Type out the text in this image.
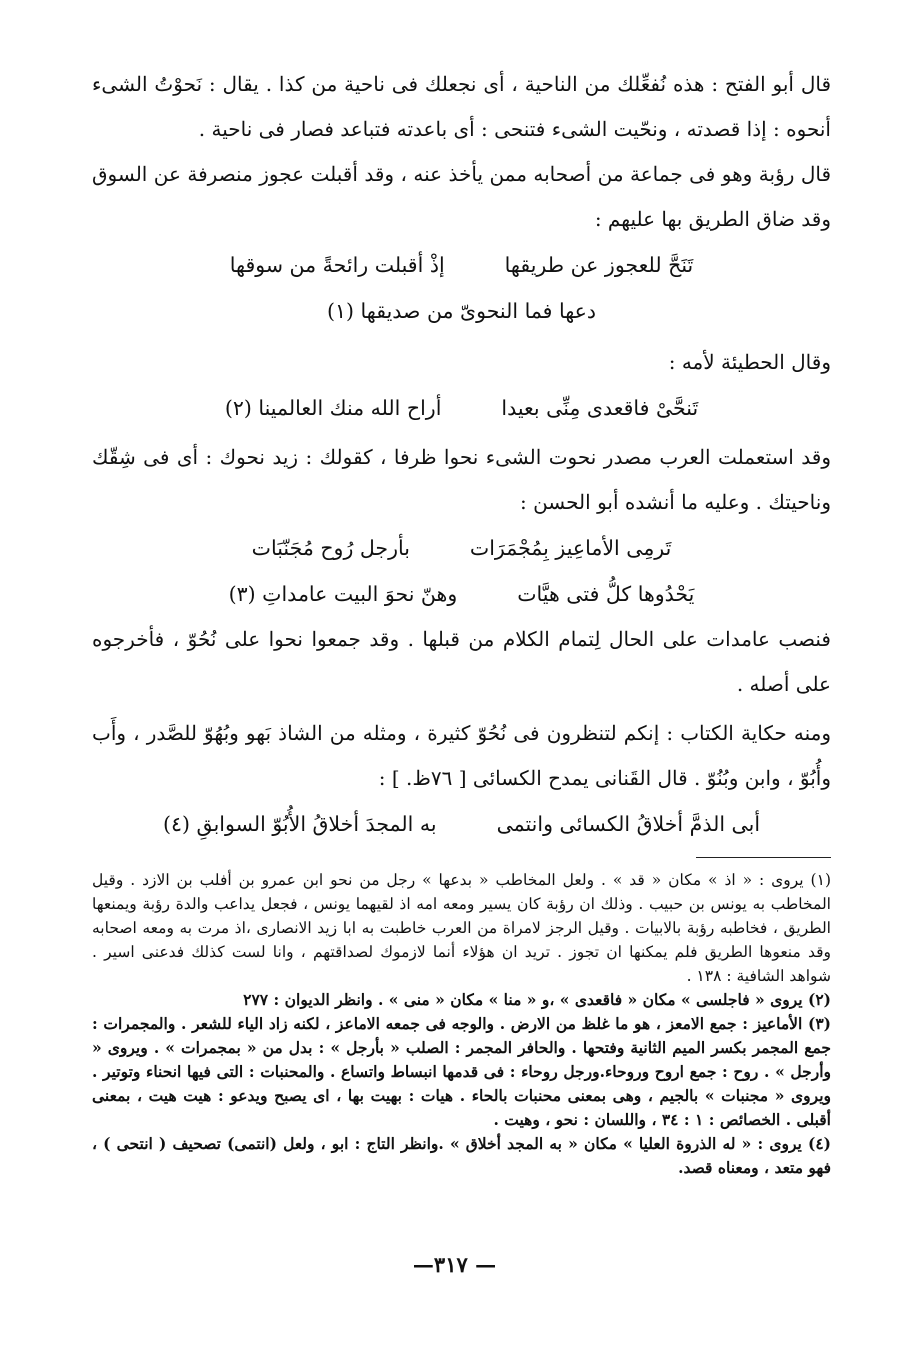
قال أبو الفتح : هذه نُفعِّلك من الناحية ، أى نجعلك فى ناحية من كذا . يقال : نَحوْتُ الشىء أنحوه : إذا قصدته ، ونحّيت الشىء فتنحى : أى باعدته فتباعد فصار فى ناحية .

قال رؤبة وهو فى جماعة من أصحابه ممن يأخذ عنه ، وقد أقبلت عجوز منصرفة عن السوق وقد ضاق الطريق بها عليهم :

تَنَحَّ للعجوز عن طريقها
إذْ أقبلت رائحةً من سوقها
دعها فما النحوىّ من صديقها (١)

وقال الحطيئة لأمه :

تَنحَّىْ فاقعدى مِنِّى بعيدا
أراح الله منك العالمينا (٢)

وقد استعملت العرب مصدر نحوت الشىء نحوا ظرفا ، كقولك : زيد نحوك : أى فى شِقّك وناحيتك . وعليه ما أنشده أبو الحسن :

تَرمِى الأماعِيز بِمُجْمَرَات
بأرجل رُوح مُجَنّبَات
يَحْدُوها كلُّ فتى هيَّات
وهنّ نحوَ البيت عامداتِ (٣)

فنصب عامدات على الحال لِتمام الكلام من قبلها . وقد جمعوا نحوا على نُحُوّ ، فأخرجوه على أصله .

ومنه حكاية الكتاب : إنكم لتنظرون فى نُحُوّ كثيرة ، ومثله من الشاذ بَهو وبُهُوّ للصَّدر ، وأَب وأُبُوّ ، وابن وبُنُوّ . قال القَنانى يمدح الكسائى [ ٧٦ظ. ] :

أبى الذمَّ أخلاقُ الكسائى وانتمى
به المجدَ أخلاقُ الأُبُوّ السوابقِ (٤)

(١) يروى : « اذ » مكان « قد » . ولعل المخاطب « بدعها » رجل من نحو ابن عمرو بن أفلب بن الازد . وقيل المخاطب به يونس بن حبيب . وذلك ان رؤبة كان يسير ومعه امه اذ لقيهما يونس ، فجعل يداعب والدة رؤبة ويمنعها الطريق ، فخاطبه رؤبة بالابيات . وقيل الرجز لامراة من العرب خاطبت به ابا زيد الانصارى ،اذ مرت به ومعه اصحابه وقد منعوها الطريق فلم يمكنها ان تجوز . تريد ان هؤلاء أنما لازموك لصداقتهم ، وانا لست كذلك فدعنى اسير . شواهد الشافية : ١٣٨ .

(٢) يروى « فاجلسى » مكان « فاقعدى » ،و « منا » مكان « منى » . وانظر الديوان : ٢٧٧

(٣) الأماعيز : جمع الامعز ، هو ما غلظ من الارض . والوجه فى جمعه الاماعز ، لكنه زاد الياء للشعر . والمجمرات : جمع المجمر بكسر الميم الثانية وفتحها . والحافر المجمر : الصلب « بأرجل » : بدل من « بمجمرات » . ويروى « وأرجل » . روح : جمع اروح وروحاء.ورجل روحاء : فى قدمها انبساط واتساع . والمحنبات : التى فيها انحناء وتوتير . ويروى « مجنبات » بالجيم ، وهى بمعنى محنبات بالحاء . هيات : بهيت بها ، اى يصبح ويدعو : هيت هيت ، بمعنى أقبلى . الخصائص : ١ : ٣٤ ، واللسان : نحو ، وهيت .

(٤) يروى : « له الذروة العليا » مكان « به المجد أخلاق » .وانظر التاج : ابو ، ولعل (انتمى) تصحيف ( انتحى ) ، فهو متعد ، ومعناه قصد.

— ٣١٧—
